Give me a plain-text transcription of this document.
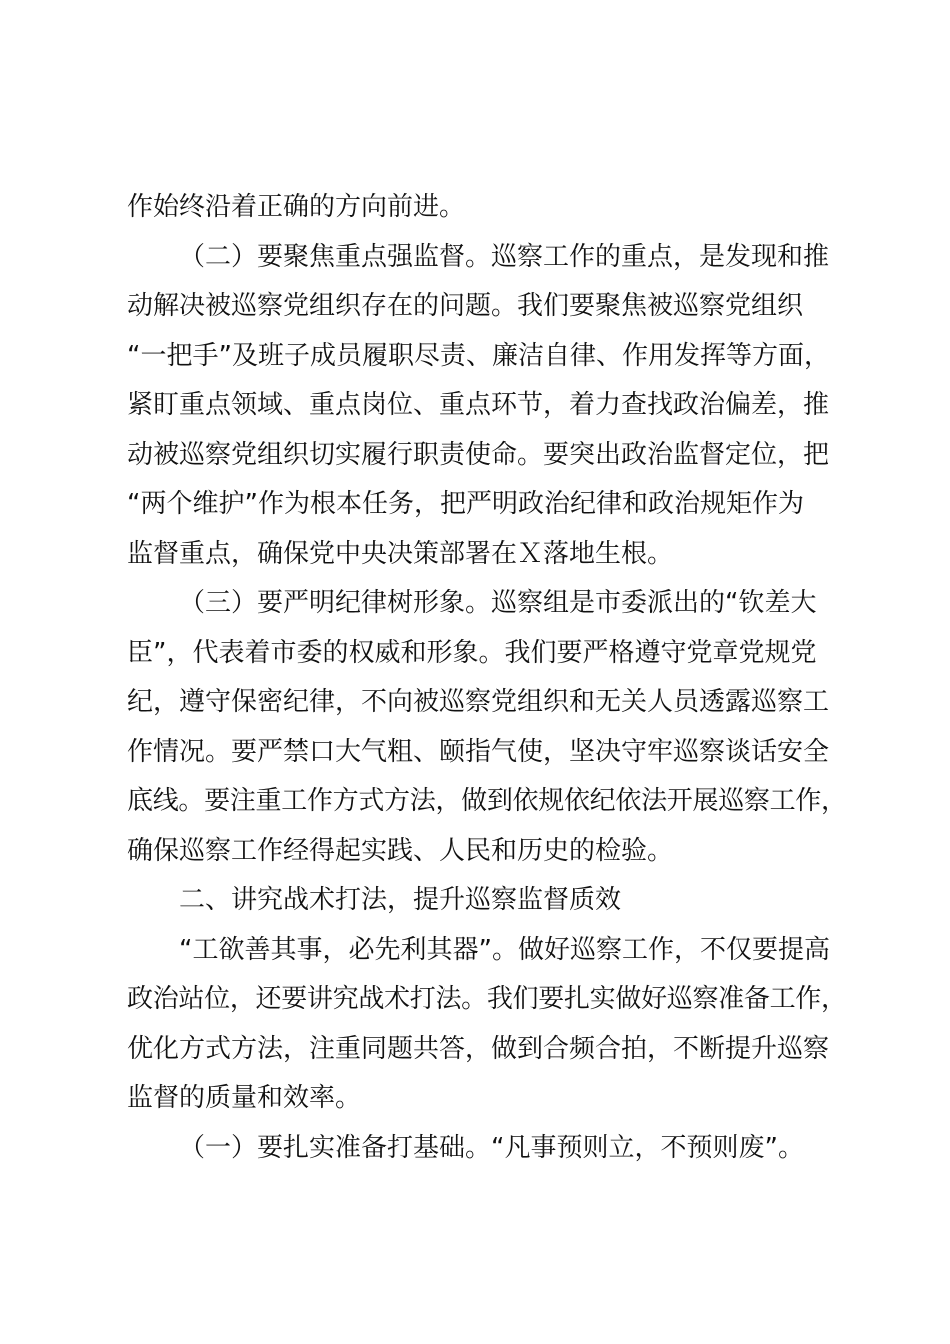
作始终沿着正确的方向前进。
（二）要聚焦重点强监督。巡察工作的重点，是发现和推
动解决被巡察党组织存在的问题。我们要聚焦被巡察党组织
“一把手”及班子成员履职尽责、廉洁自律、作用发挥等方面，
紧盯重点领域、重点岗位、重点环节，着力查找政治偏差，推
动被巡察党组织切实履行职责使命。要突出政治监督定位，把
“两个维护”作为根本任务，把严明政治纪律和政治规矩作为
监督重点，确保党中央决策部署在Ｘ落地生根。
（三）要严明纪律树形象。巡察组是市委派出的“钦差大
臣”，代表着市委的权威和形象。我们要严格遵守党章党规党
纪，遵守保密纪律，不向被巡察党组织和无关人员透露巡察工
作情况。要严禁口大气粗、颐指气使，坚决守牢巡察谈话安全
底线。要注重工作方式方法，做到依规依纪依法开展巡察工作，
确保巡察工作经得起实践、人民和历史的检验。
二、讲究战术打法，提升巡察监督质效
“工欲善其事，必先利其器”。做好巡察工作，不仅要提高
政治站位，还要讲究战术打法。我们要扎实做好巡察准备工作，
优化方式方法，注重同题共答，做到合频合拍，不断提升巡察
监督的质量和效率。
（一）要扎实准备打基础。“凡事预则立，不预则废”。
